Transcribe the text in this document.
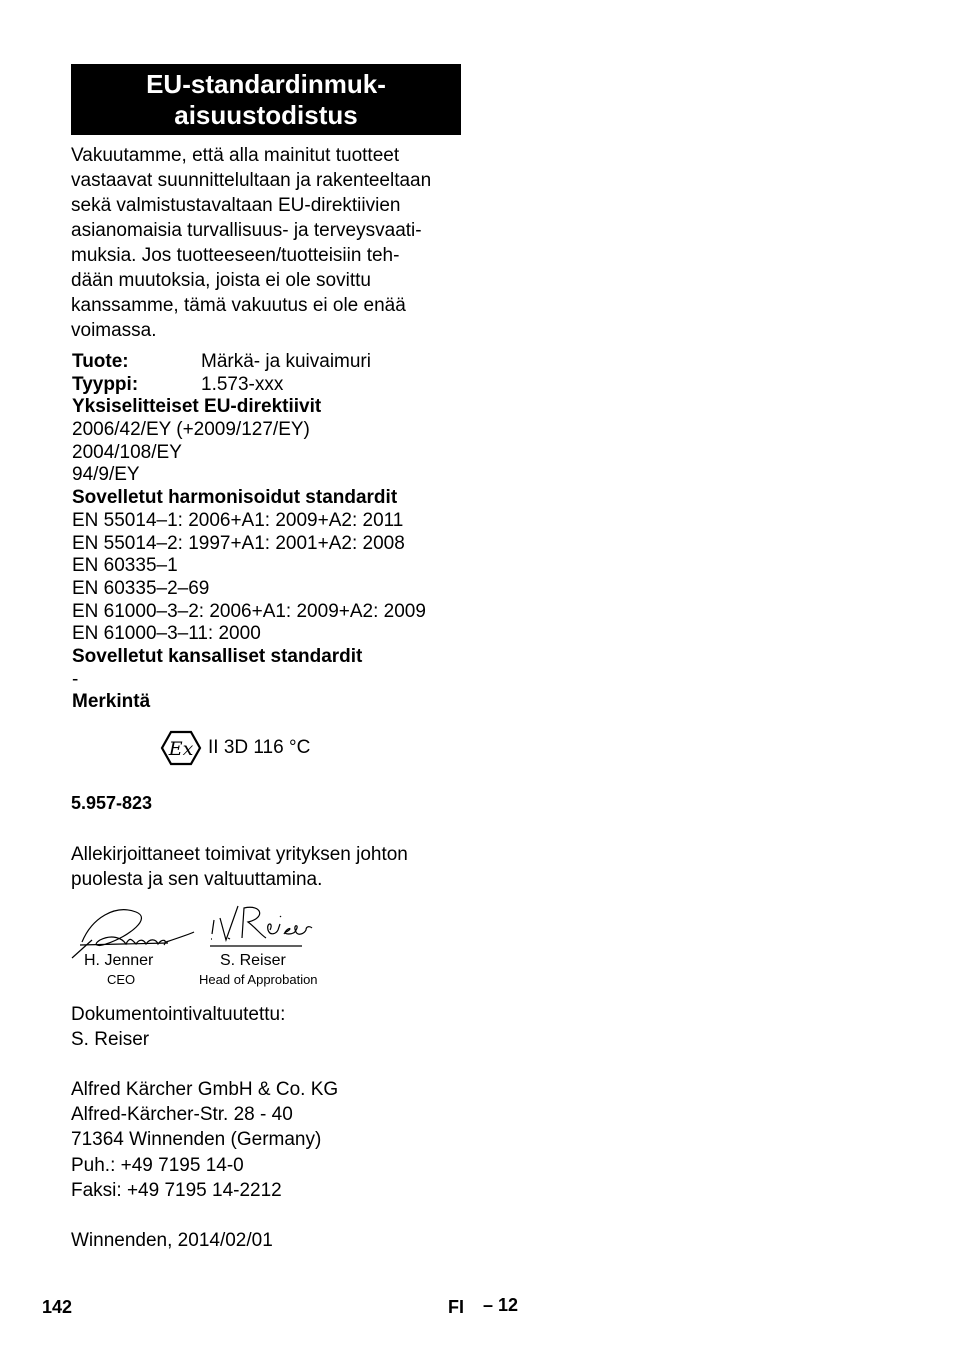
EU-standardinmuk-
aisuustodistus
Vakuutamme, että alla mainitut tuotteet
vastaavat suunnittelultaan ja rakenteeltaan
sekä valmistustavaltaan EU-direktiivien
asianomaisia turvallisuus- ja terveysvaati-
muksia. Jos tuotteeseen/tuotteisiin teh-
dään muutoksia, joista ei ole sovittu
kanssamme, tämä vakuutus ei ole enää
voimassa.
Tuote:	Märkä- ja kuivaimuri
Tyyppi:	1.573-xxx
Yksiselitteiset EU-direktiivit
2006/42/EY (+2009/127/EY)
2004/108/EY
94/9/EY
Sovelletut harmonisoidut standardit
EN 55014–1: 2006+A1: 2009+A2: 2011
EN 55014–2: 1997+A1: 2001+A2: 2008
EN 60335–1
EN 60335–2–69
EN 61000–3–2: 2006+A1: 2009+A2: 2009
EN 61000–3–11: 2000
Sovelletut kansalliset standardit
-
Merkintä
Ex II 3D 116 °C
5.957-823
Allekirjoittaneet toimivat yrityksen johton
puolesta ja sen valtuuttamina.
H. Jenner
CEO
S. Reiser
Head of Approbation
Dokumentointivaltuutettu:
S. Reiser
Alfred Kärcher GmbH & Co. KG
Alfred-Kärcher-Str. 28 - 40
71364 Winnenden (Germany)
Puh.: +49 7195 14-0
Faksi: +49 7195 14-2212
Winnenden, 2014/02/01
142	FI – 12
